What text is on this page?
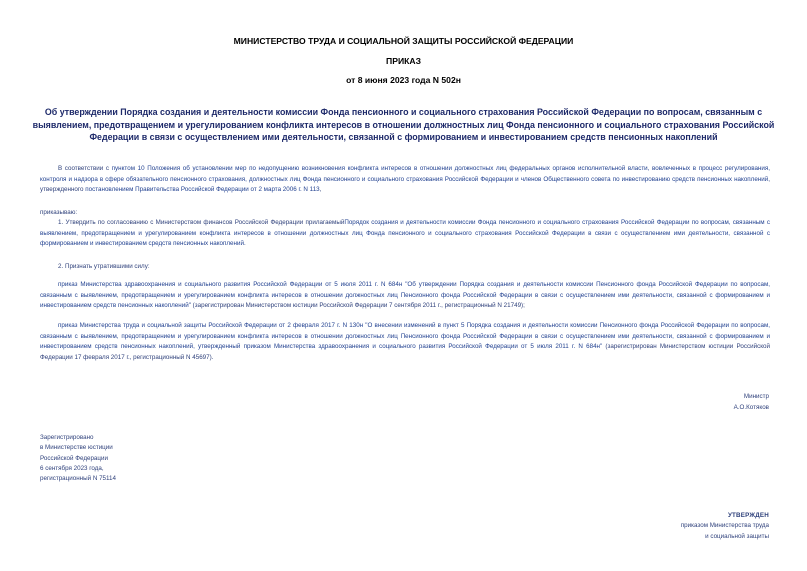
МИНИСТЕРСТВО ТРУДА И СОЦИАЛЬНОЙ ЗАЩИТЫ РОССИЙСКОЙ ФЕДЕРАЦИИ
ПРИКАЗ
от 8 июня 2023 года N 502н
Об утверждении Порядка создания и деятельности комиссии Фонда пенсионного и социального страхования Российской Федерации по вопросам, связанным с выявлением, предотвращением и урегулированием конфликта интересов в отношении должностных лиц Фонда пенсионного и социального страхования Российской Федерации в связи с осуществлением ими деятельности, связанной с формированием и инвестированием средств пенсионных накоплений
В соответствии с пунктом 10 Положения об установлении мер по недопущению возникновения конфликта интересов в отношении должностных лиц федеральных органов исполнительной власти, вовлеченных в процесс регулирования, контроля и надзора в сфере обязательного пенсионного страхования, должностных лиц Фонда пенсионного и социального страхования Российской Федерации и членов Общественного совета по инвестированию средств пенсионных накоплений, утвержденного постановлением Правительства Российской Федерации от 2 марта 2006 г. N 113,
приказываю:
1. Утвердить по согласованию с Министерством финансов Российской Федерации прилагаемыйПорядок создания и деятельности комиссии Фонда пенсионного и социального страхования Российской Федерации по вопросам, связанным с выявлением, предотвращением и урегулированием конфликта интересов в отношении должностных лиц Фонда пенсионного и социального страхования Российской Федерации в связи с осуществлением ими деятельности, связанной с формированием и инвестированием средств пенсионных накоплений.
2. Признать утратившими силу:
приказ Министерства здравоохранения и социального развития Российской Федерации от 5 июля 2011 г. N 684н "Об утверждении Порядка создания и деятельности комиссии Пенсионного фонда Российской Федерации по вопросам, связанным с выявлением, предотвращением и урегулированием конфликта интересов в отношении должностных лиц Пенсионного фонда Российской Федерации в связи с осуществлением ими деятельности, связанной с формированием и инвестированием средств пенсионных накоплений" (зарегистрирован Министерством юстиции Российской Федерации 7 сентября 2011 г., регистрационный N 21749);
приказ Министерства труда и социальной защиты Российской Федерации от 2 февраля 2017 г. N 130н "О внесении изменений в пункт 5 Порядка создания и деятельности комиссии Пенсионного фонда Российской Федерации по вопросам, связанным с выявлением, предотвращением и урегулированием конфликта интересов в отношении должностных лиц Пенсионного фонда Российской Федерации в связи с осуществлением ими деятельности, связанной с формированием и инвестированием средств пенсионных накоплений, утвержденный приказом Министерства здравоохранения и социального развития Российской Федерации от 5 июля 2011 г. N 684н" (зарегистрирован Министерством юстиции Российской Федерации 17 февраля 2017 г., регистрационный N 45697).
Министр
А.О.Котяков
Зарегистрировано
в Министерстве юстиции
Российской Федерации
6 сентября 2023 года,
регистрационный N 75114
УТВЕРЖДЕН
приказом Министерства труда
и социальной защиты
